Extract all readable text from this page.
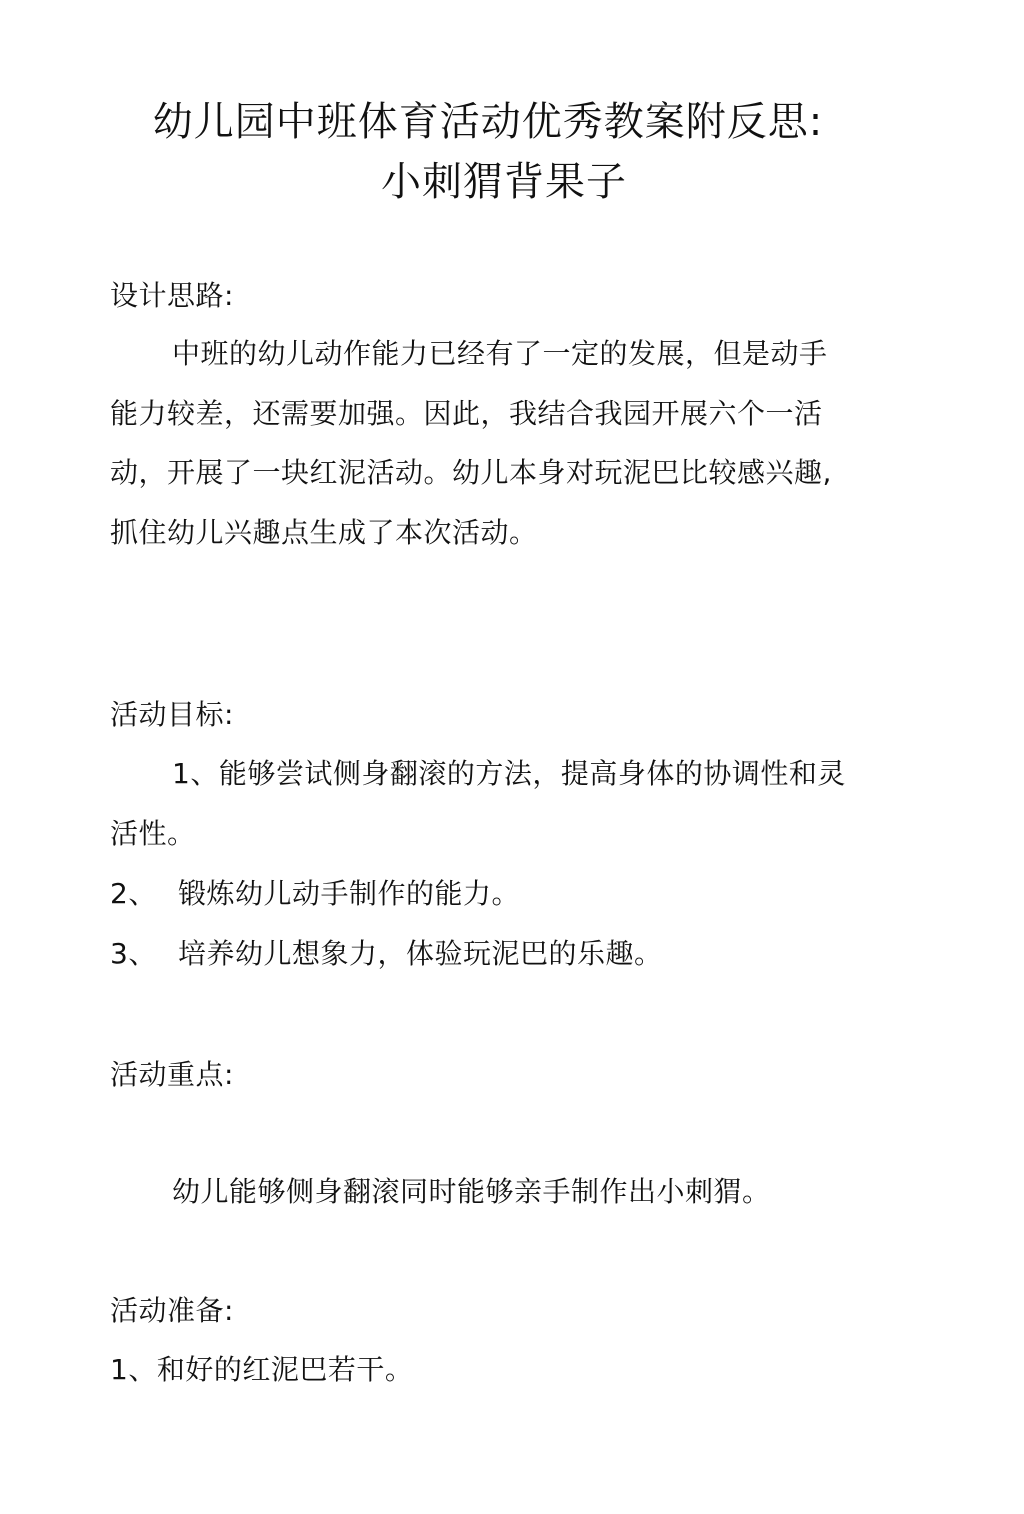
幼儿园中班体育活动优秀教案附反思:
小刺猬背果子
设计思路:
中班的幼儿动作能力已经有了一定的发展，但是动手
能力较差，还需要加强。因此，我结合我园开展六个一活
动，开展了一块红泥活动。幼儿本身对玩泥巴比较感兴趣,
抓住幼儿兴趣点生成了本次活动。
活动目标:
1、能够尝试侧身翻滚的方法，提高身体的协调性和灵
活性。
2、 锻炼幼儿动手制作的能力。
3、 培养幼儿想象力，体验玩泥巴的乐趣。
活动重点:
幼儿能够侧身翻滚同时能够亲手制作出小刺猬。
活动准备:
1、和好的红泥巴若干。
